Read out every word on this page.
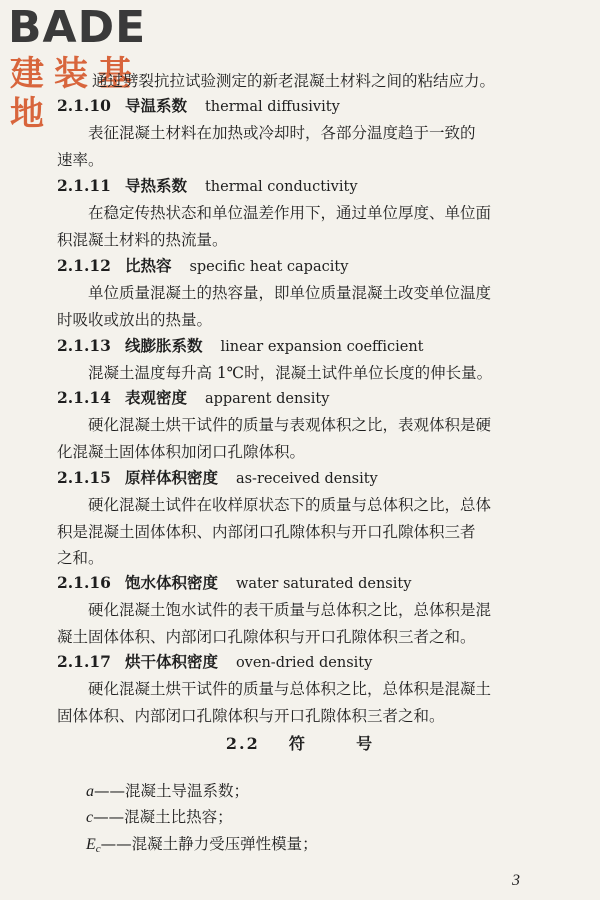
BADE
建装基地
通过劈裂抗拉试验测定的新老混凝土材料之间的粘结应力。
2.1.10 导温系数 thermal diffusivity
表征混凝土材料在加热或冷却时，各部分温度趋于一致的
速率。
2.1.11 导热系数 thermal conductivity
在稳定传热状态和单位温差作用下，通过单位厚度、单位面
积混凝土材料的热流量。
2.1.12 比热容 specific heat capacity
单位质量混凝土的热容量，即单位质量混凝土改变单位温度
时吸收或放出的热量。
2.1.13 线膨胀系数 linear expansion coefficient
混凝土温度每升高 1℃时，混凝土试件单位长度的伸长量。
2.1.14 表观密度 apparent density
硬化混凝土烘干试件的质量与表观体积之比，表观体积是硬
化混凝土固体体积加闭口孔隙体积。
2.1.15 原样体积密度 as-received density
硬化混凝土试件在收样原状态下的质量与总体积之比，总体
积是混凝土固体体积、内部闭口孔隙体积与开口孔隙体积三者
之和。
2.1.16 饱水体积密度 water saturated density
硬化混凝土饱水试件的表干质量与总体积之比，总体积是混
凝土固体体积、内部闭口孔隙体积与开口孔隙体积三者之和。
2.1.17 烘干体积密度 oven-dried density
硬化混凝土烘干试件的质量与总体积之比，总体积是混凝土
固体体积、内部闭口孔隙体积与开口孔隙体积三者之和。
2.2 符	号
a——混凝土导温系数；
c——混凝土比热容；
$E_c——$混凝土静力受压弹性模量；
3
